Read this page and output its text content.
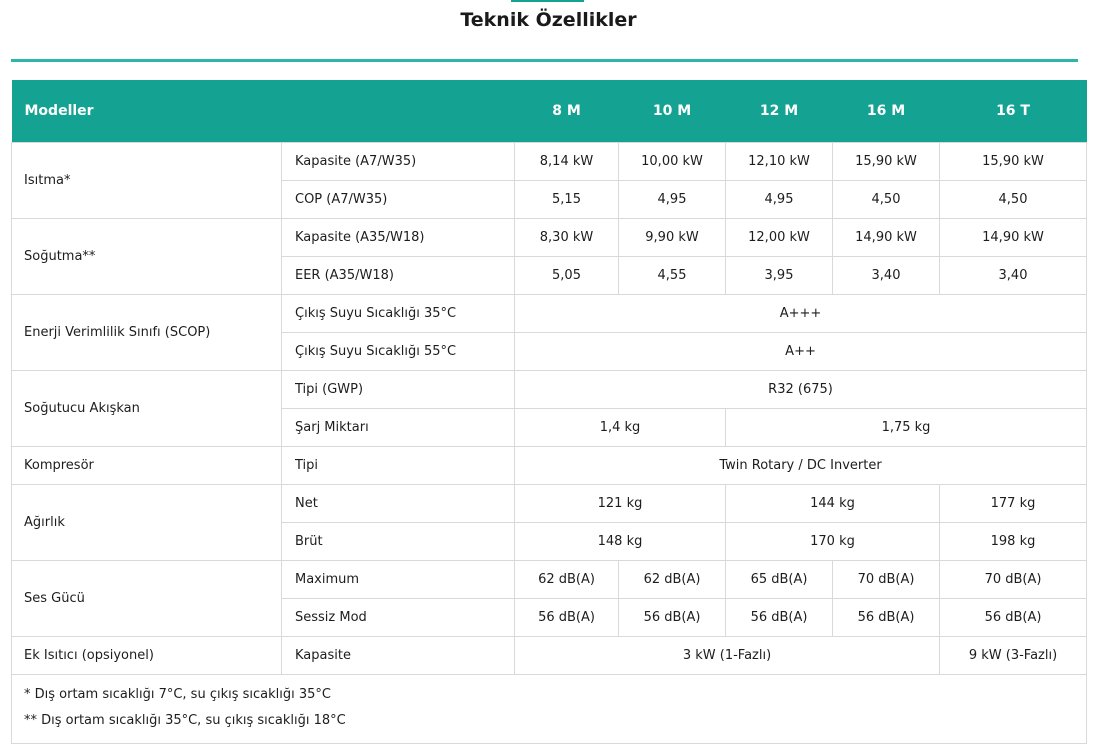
Teknik Özellikler
Modeller		8 M	10 M	12 M	16 M	16 T
Isıtma*	Kapasite (A7/W35)	8,14 kW	10,00 kW	12,10 kW	15,90 kW	15,90 kW
	COP (A7/W35)	5,15	4,95	4,95	4,50	4,50
Soğutma**	Kapasite (A35/W18)	8,30 kW	9,90 kW	12,00 kW	14,90 kW	14,90 kW
	EER (A35/W18)	5,05	4,55	3,95	3,40	3,40
Enerji Verimlilik Sınıfı (SCOP)	Çıkış Suyu Sıcaklığı 35°C	A+++				
	Çıkış Suyu Sıcaklığı 55°C	A++				
Soğutucu Akışkan	Tipi (GWP)	R32 (675)				
	Şarj Miktarı	1,4 kg		1,75 kg		
Kompresör	Tipi	Twin Rotary / DC Inverter				
Ağırlık	Net	121 kg		144 kg		177 kg
	Brüt	148 kg		170 kg		198 kg
Ses Gücü	Maximum	62 dB(A)	62 dB(A)	65 dB(A)	70 dB(A)	70 dB(A)
	Sessiz Mod	56 dB(A)	56 dB(A)	56 dB(A)	56 dB(A)	56 dB(A)
Ek Isıtıcı (opsiyonel)	Kapasite	3 kW (1-Fazlı)				9 kW (3-Fazlı)

* Dış ortam sıcaklığı 7°C, su çıkış sıcaklığı 35°C
** Dış ortam sıcaklığı 35°C, su çıkış sıcaklığı 18°C						
